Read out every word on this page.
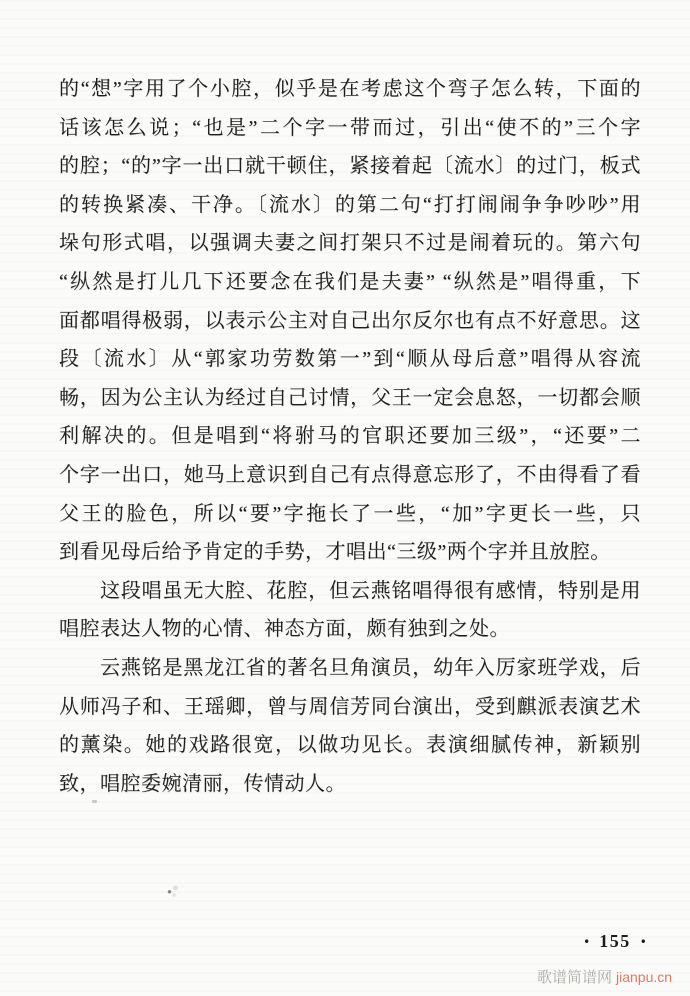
的“想”字用了个小腔，似乎是在考虑这个弯子怎么转，下面的
话该怎么说；“也是”二个字一带而过，引出“使不的”三个字
的腔；“的”字一出口就干顿住，紧接着起〔流水〕的过门，板式
的转换紧凑、干净。〔流水〕的第二句“打打闹闹争争吵吵”用
垛句形式唱，以强调夫妻之间打架只不过是闹着玩的。第六句
“纵然是打儿几下还要念在我们是夫妻” “纵然是”唱得重，下
面都唱得极弱，以表示公主对自己出尔反尔也有点不好意思。这
段〔流水〕从“郭家功劳数第一”到“顺从母后意”唱得从容流
畅，因为公主认为经过自己讨情，父王一定会息怒，一切都会顺
利解决的。但是唱到“将驸马的官职还要加三级”，“还要”二
个字一出口，她马上意识到自己有点得意忘形了，不由得看了看
父王的脸色，所以“要”字拖长了一些，“加”字更长一些，只
到看见母后给予肯定的手势，才唱出“三级”两个字并且放腔。
这段唱虽无大腔、花腔，但云燕铭唱得很有感情，特别是用
唱腔表达人物的心情、神态方面，颇有独到之处。
云燕铭是黑龙江省的著名旦角演员，幼年入厉家班学戏，后
从师冯子和、王瑶卿，曾与周信芳同台演出，受到麒派表演艺术
的薰染。她的戏路很宽，以做功见长。表演细腻传神，新颖别
致，唱腔委婉清丽，传情动人。
• 155 •
歌谱简谱网 jianpu.cn
